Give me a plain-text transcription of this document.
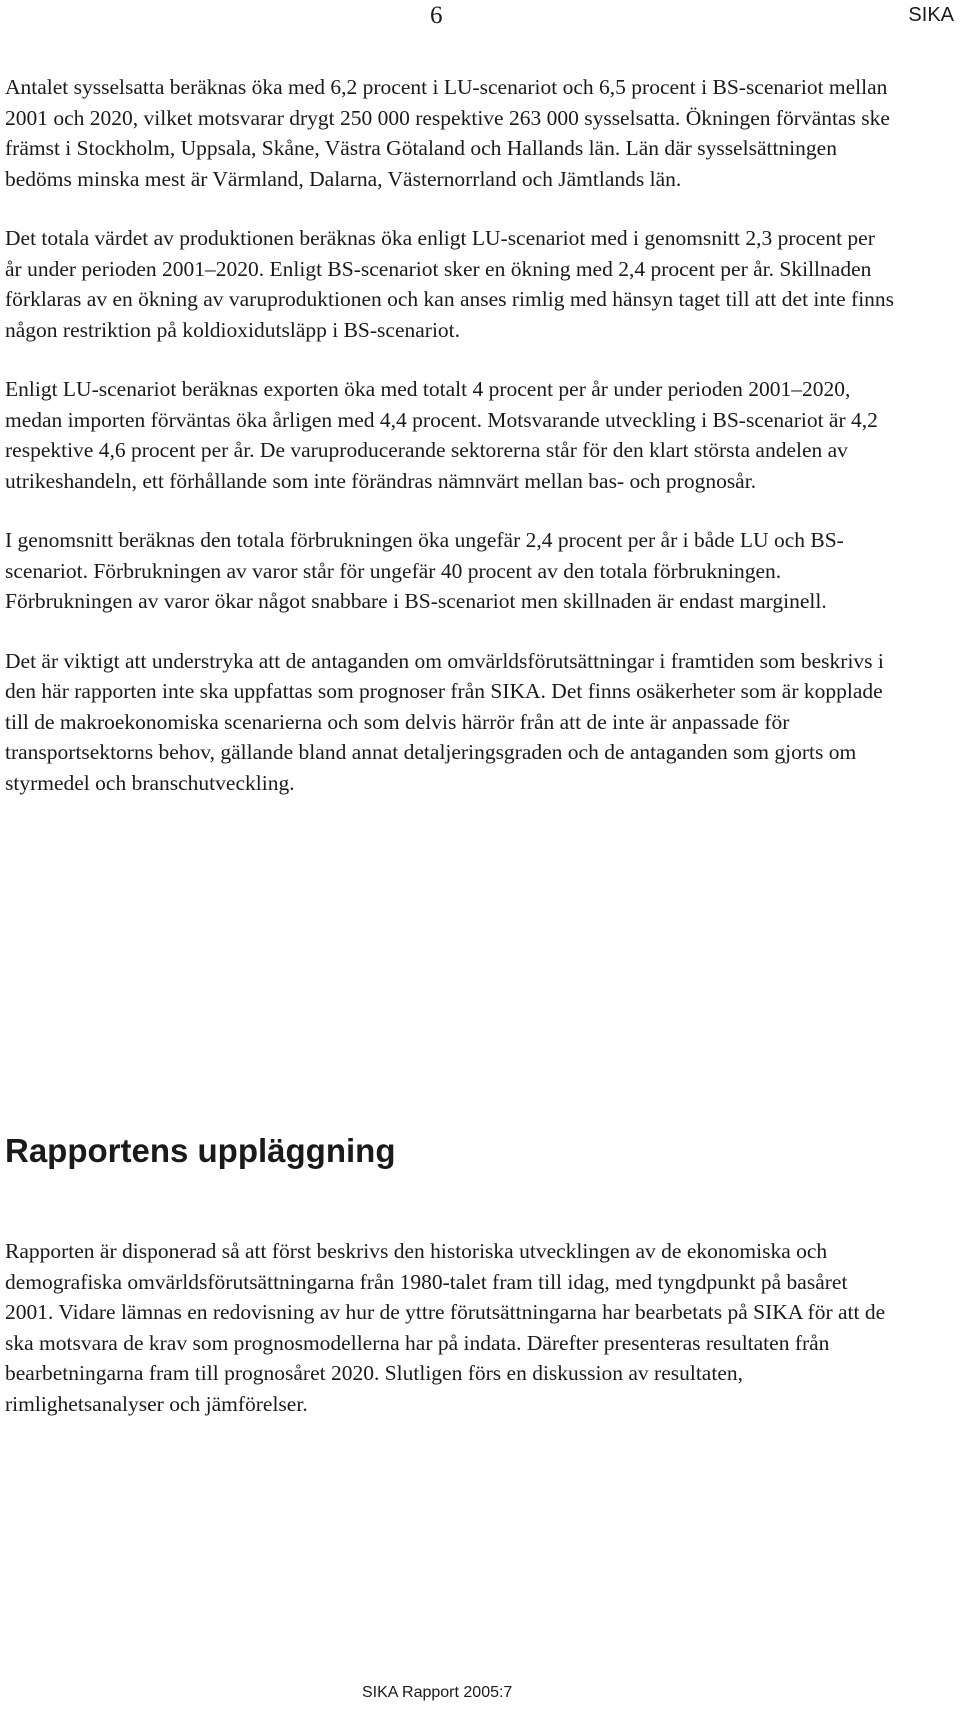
6	SIKA

Antalet sysselsatta beräknas öka med 6,2 procent i LU-scenariot och 6,5 procent i BS-scenariot mellan 2001 och 2020, vilket motsvarar drygt 250 000 respektive 263 000 sysselsatta. Ökningen förväntas ske främst i Stockholm, Uppsala, Skåne, Västra Götaland och Hallands län. Län där sysselsättningen bedöms minska mest är Värmland, Dalarna, Västernorrland och Jämtlands län.

Det totala värdet av produktionen beräknas öka enligt LU-scenariot med i genomsnitt 2,3 procent per år under perioden 2001–2020. Enligt BS-scenariot sker en ökning med 2,4 procent per år. Skillnaden förklaras av en ökning av varuproduktionen och kan anses rimlig med hänsyn taget till att det inte finns någon restriktion på koldioxidutsläpp i BS-scenariot.

Enligt LU-scenariot beräknas exporten öka med totalt 4 procent per år under perioden 2001–2020, medan importen förväntas öka årligen med 4,4 procent. Motsvarande utveckling i BS-scenariot är 4,2 respektive 4,6 procent per år. De varuproducerande sektorerna står för den klart största andelen av utrikeshandeln, ett förhållande som inte förändras nämnvärt mellan bas- och prognosår.

I genomsnitt beräknas den totala förbrukningen öka ungefär 2,4 procent per år i både LU och BS-scenariot. Förbrukningen av varor står för ungefär 40 procent av den totala förbrukningen. Förbrukningen av varor ökar något snabbare i BS-scenariot men skillnaden är endast marginell.

Det är viktigt att understryka att de antaganden om omvärldsförutsättningar i framtiden som beskrivs i den här rapporten inte ska uppfattas som prognoser från SIKA. Det finns osäkerheter som är kopplade till de makroekonomiska scenarierna och som delvis härrör från att de inte är anpassade för transportsektorns behov, gällande bland annat detaljeringsgraden och de antaganden som gjorts om styrmedel och branschutveckling.

Rapportens uppläggning

Rapporten är disponerad så att först beskrivs den historiska utvecklingen av de ekonomiska och demografiska omvärldsförutsättningarna från 1980-talet fram till idag, med tyngdpunkt på basåret 2001. Vidare lämnas en redovisning av hur de yttre förutsättningarna har bearbetats på SIKA för att de ska motsvara de krav som prognosmodellerna har på indata. Därefter presenteras resultaten från bearbetningarna fram till prognosåret 2020. Slutligen förs en diskussion av resultaten, rimlighetsanalyser och jämförelser.

SIKA Rapport 2005:7
